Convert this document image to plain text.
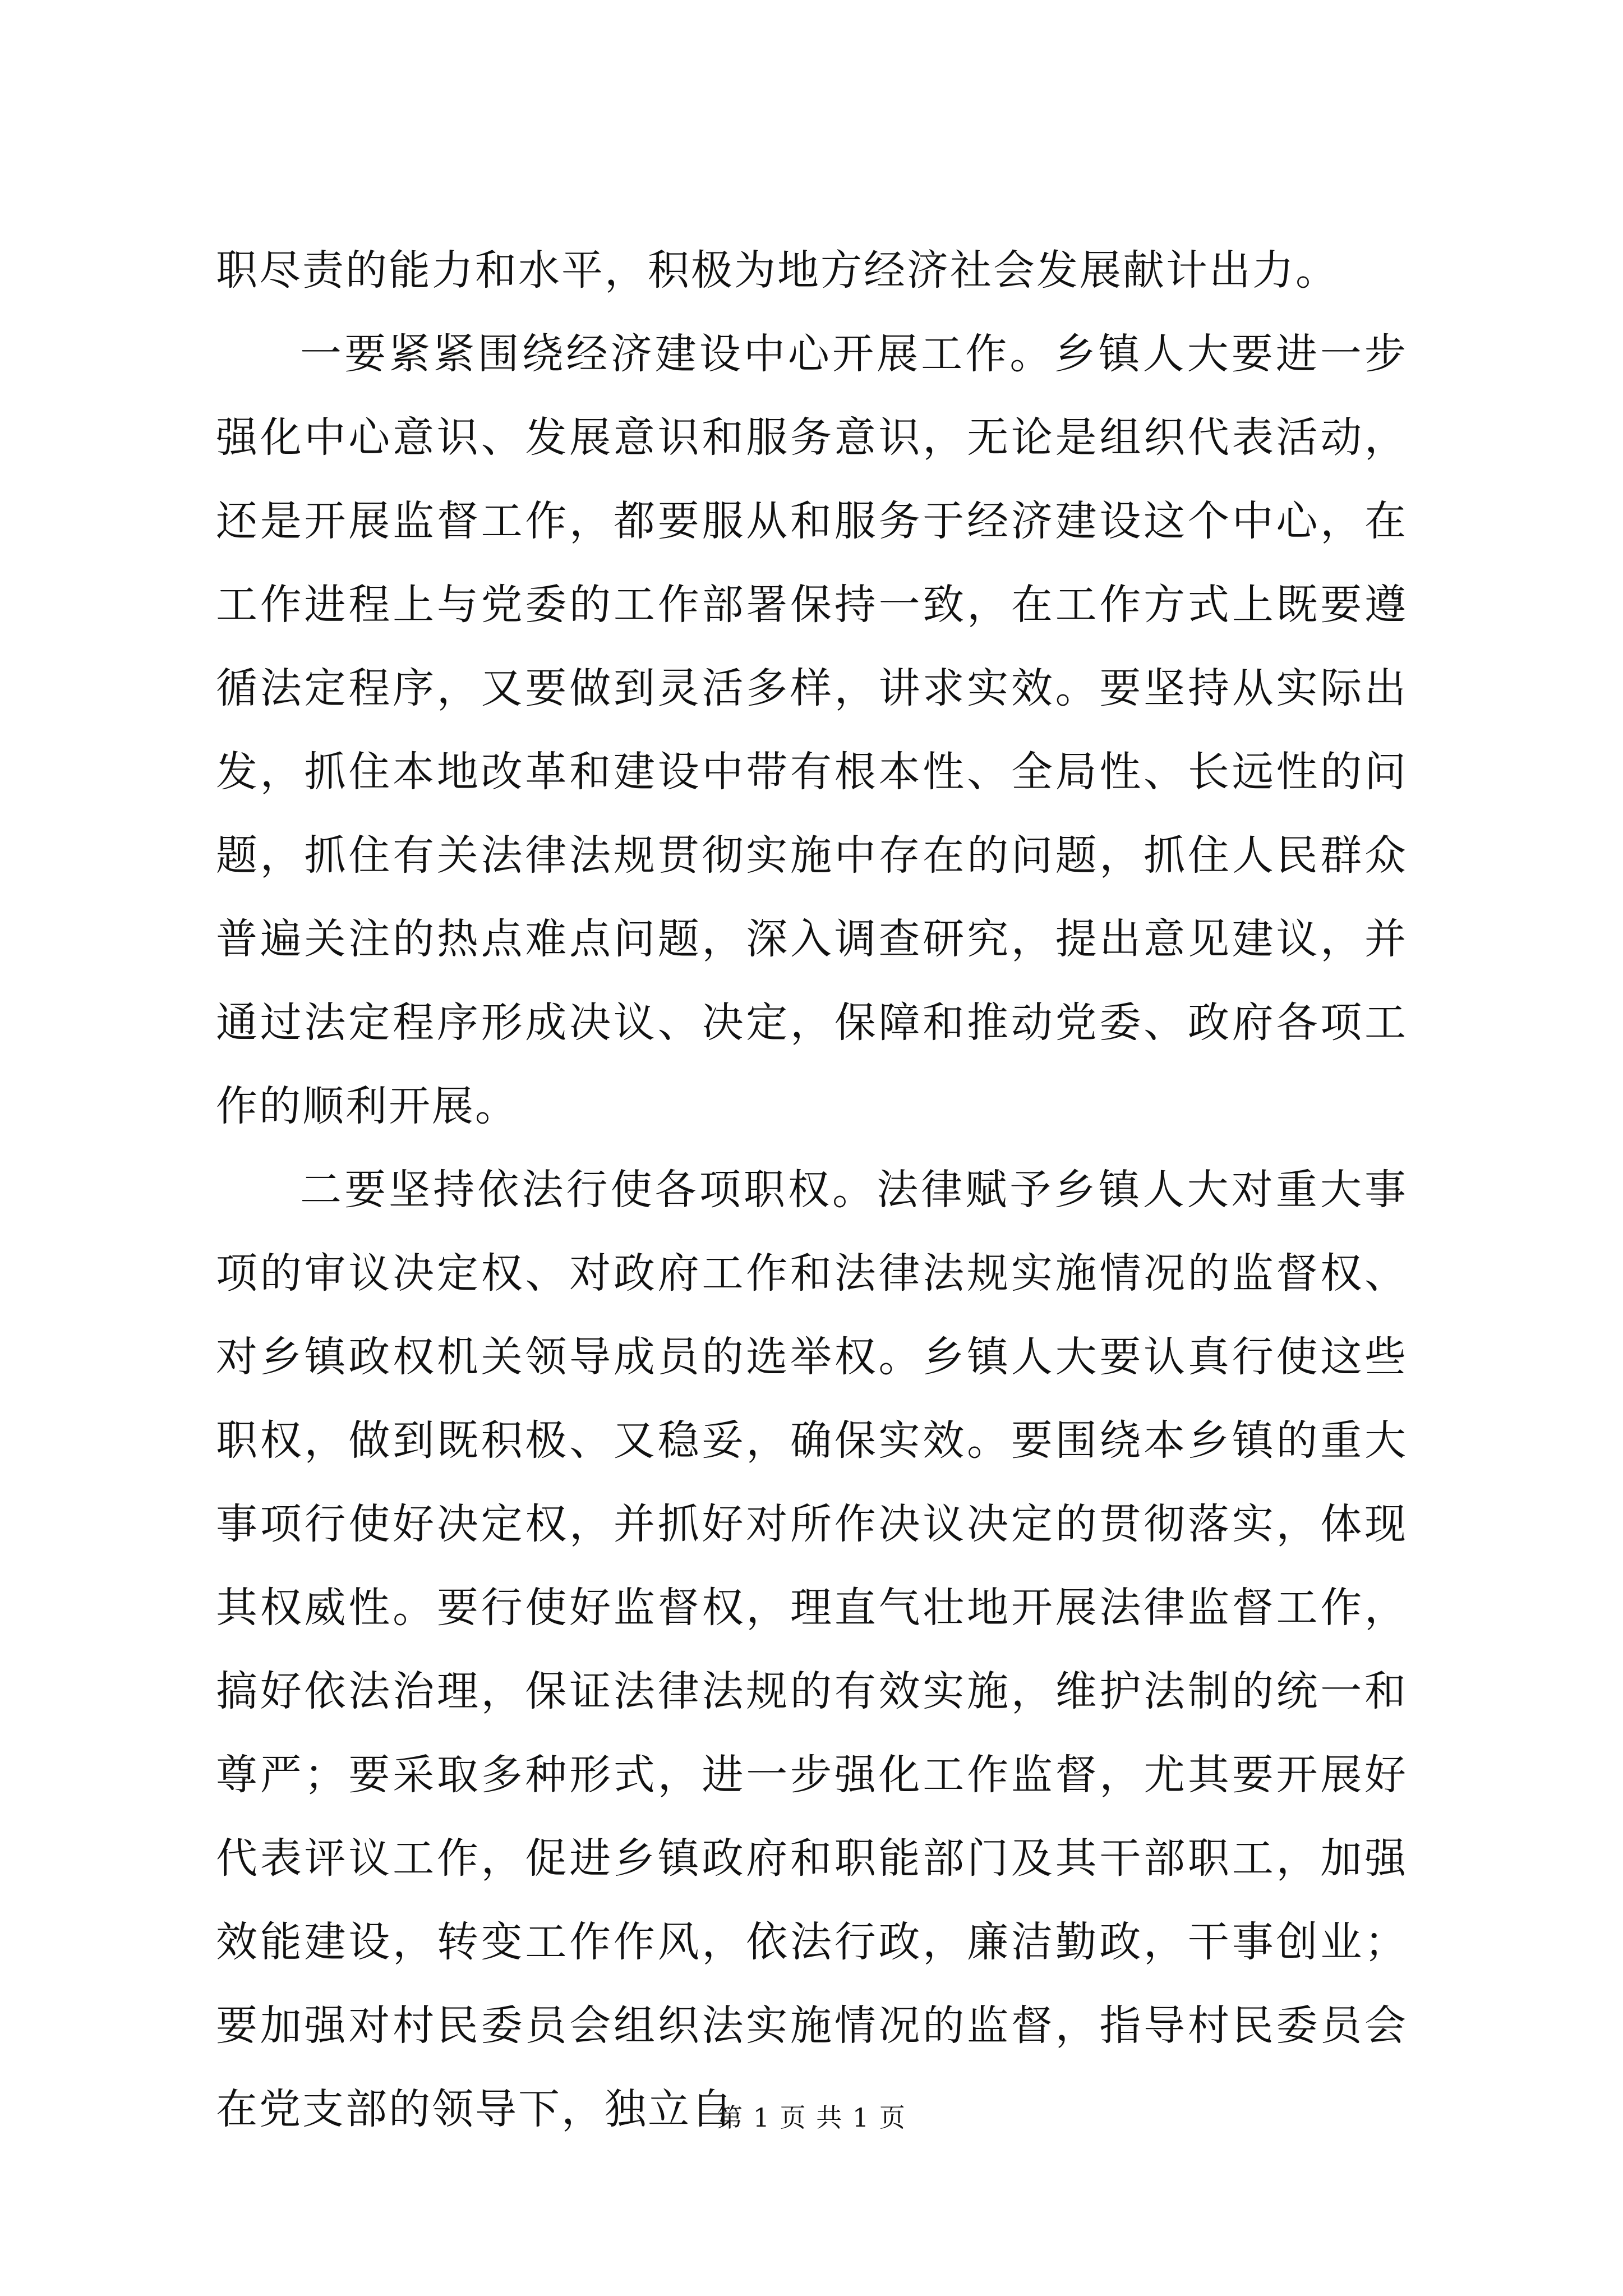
职尽责的能力和水平，积极为地方经济社会发展献计出力。

一要紧紧围绕经济建设中心开展工作。乡镇人大要进一步强化中心意识、发展意识和服务意识，无论是组织代表活动，还是开展监督工作，都要服从和服务于经济建设这个中心，在工作进程上与党委的工作部署保持一致，在工作方式上既要遵循法定程序，又要做到灵活多样，讲求实效。要坚持从实际出发，抓住本地改革和建设中带有根本性、全局性、长远性的问题，抓住有关法律法规贯彻实施中存在的问题，抓住人民群众普遍关注的热点难点问题，深入调查研究，提出意见建议，并通过法定程序形成决议、决定，保障和推动党委、政府各项工作的顺利开展。

二要坚持依法行使各项职权。法律赋予乡镇人大对重大事项的审议决定权、对政府工作和法律法规实施情况的监督权、对乡镇政权机关领导成员的选举权。乡镇人大要认真行使这些职权，做到既积极、又稳妥，确保实效。要围绕本乡镇的重大事项行使好决定权，并抓好对所作决议决定的贯彻落实，体现其权威性。要行使好监督权，理直气壮地开展法律监督工作，搞好依法治理，保证法律法规的有效实施，维护法制的统一和尊严；要采取多种形式，进一步强化工作监督，尤其要开展好代表评议工作，促进乡镇政府和职能部门及其干部职工，加强效能建设，转变工作作风，依法行政，廉洁勤政，干事创业；要加强对村民委员会组织法实施情况的监督，指导村民委员会在党支部的领导下，独立自

第 1 页 共 1 页
